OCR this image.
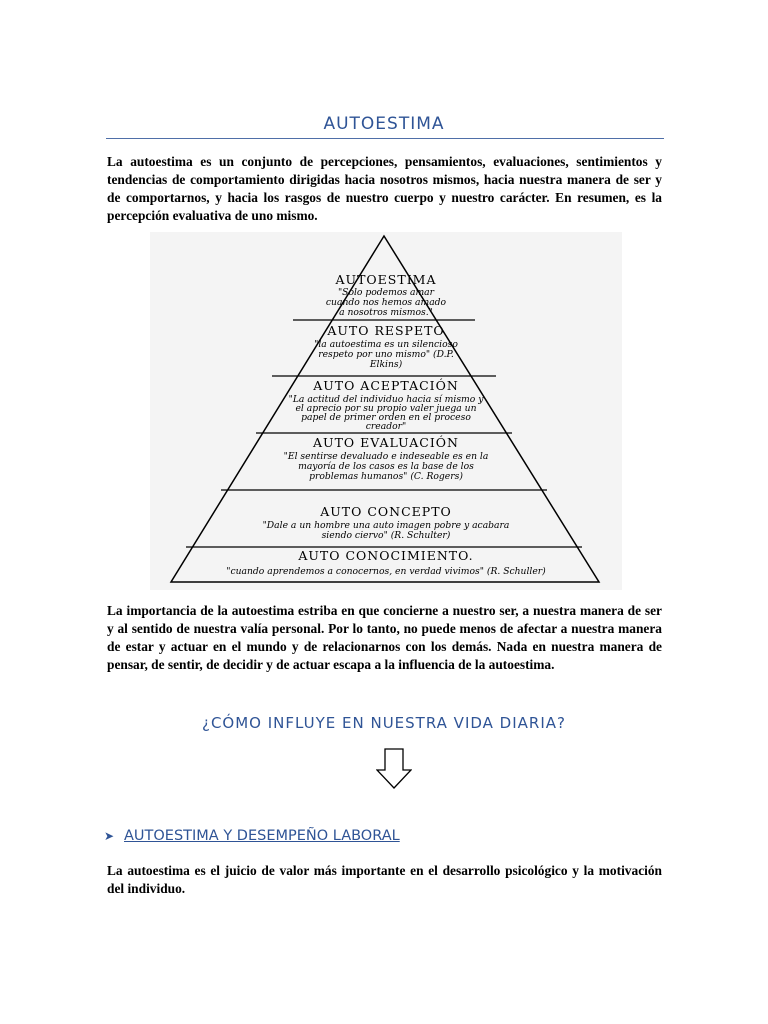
AUTOESTIMA
La autoestima es un conjunto de percepciones, pensamientos, evaluaciones, sentimientos y tendencias de comportamiento dirigidas hacia nosotros mismos, hacia nuestra manera de ser y de comportarnos, y hacia los rasgos de nuestro cuerpo y nuestro carácter. En resumen, es la percepción evaluativa de uno mismo.
AUTOESTIMA
"Solo podemos amar
cuando nos hemos amado
a nosotros mismos."
AUTO RESPETO
"la autoestima es un silencioso
respeto por uno mismo" (D.P.
Elkins)
AUTO ACEPTACIÓN
"La actitud del individuo hacia sí mismo y
el aprecio por su propio valer juega un
papel de primer orden en el proceso
creador"
AUTO EVALUACIÓN
"El sentirse devaluado e indeseable es en la
mayoría de los casos es la base de los
problemas humanos" (C. Rogers)
AUTO CONCEPTO
"Dale a un hombre una auto imagen pobre y acabara
siendo ciervo" (R. Schulter)
AUTO CONOCIMIENTO.
"cuando aprendemos a conocernos, en verdad vivimos" (R. Schuller)
La importancia de la autoestima estriba en que concierne a nuestro ser, a nuestra manera de ser y al sentido de nuestra valía personal. Por lo tanto, no puede menos de afectar a nuestra manera de estar y actuar en el mundo y de relacionarnos con los demás. Nada en nuestra manera de pensar, de sentir, de decidir y de actuar escapa a la influencia de la autoestima.
¿CÓMO INFLUYE EN NUESTRA VIDA DIARIA?
➤ AUTOESTIMA Y DESEMPEÑO LABORAL
La autoestima es el juicio de valor más importante en el desarrollo psicológico y la motivación del individuo.
